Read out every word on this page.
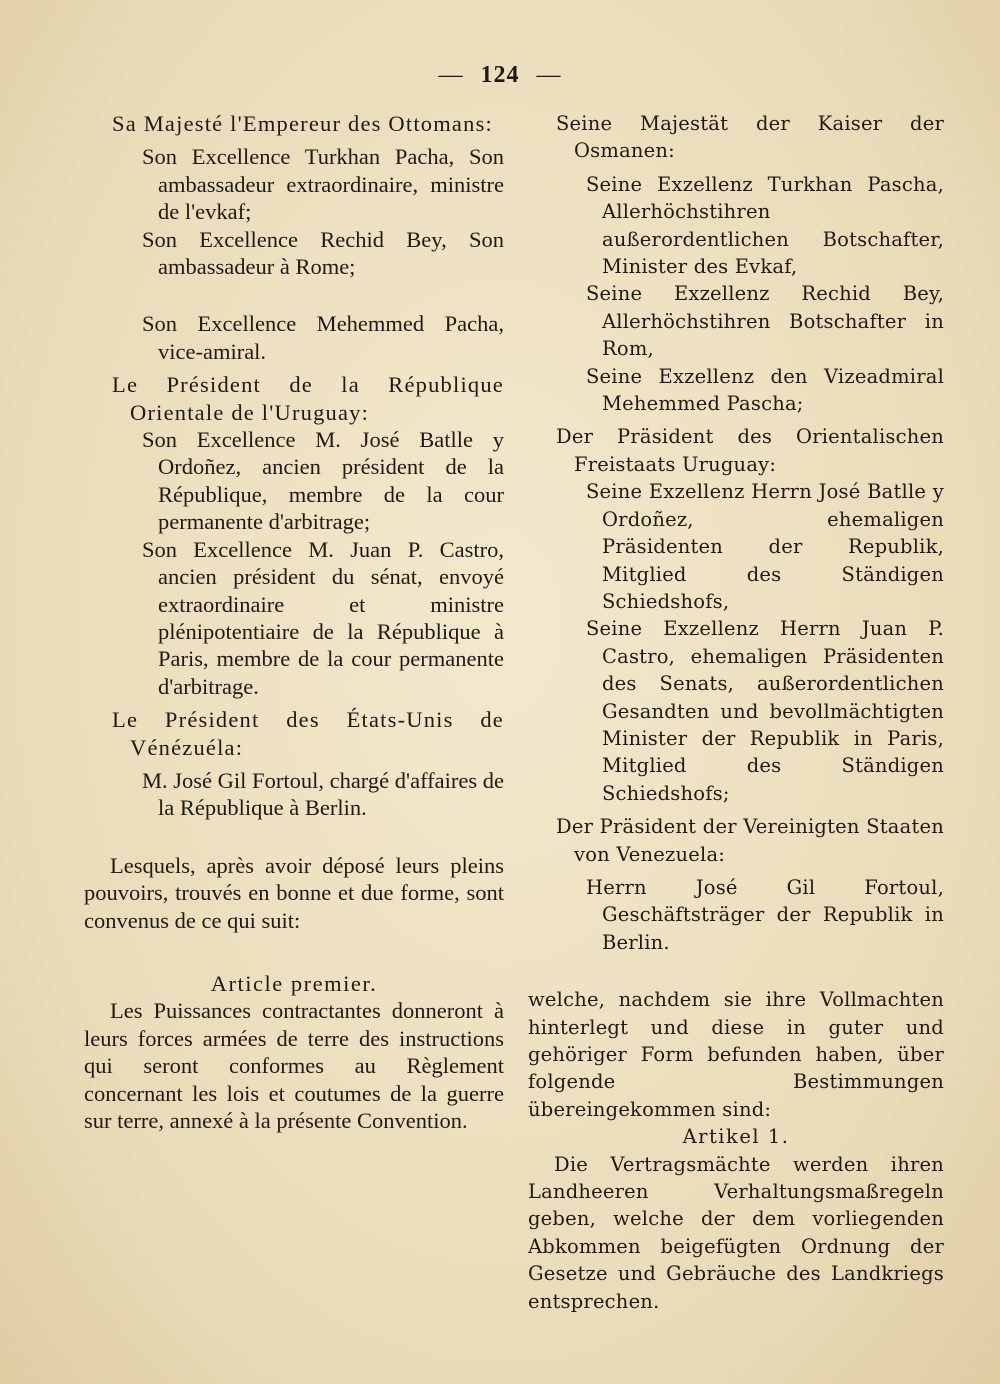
— 124 —
Sa Majesté l'Empereur des Ottomans:
Son Excellence Turkhan Pacha, Son ambassadeur extraordinaire, ministre de l'evkaf;
Son Excellence Rechid Bey, Son ambassadeur à Rome;
Son Excellence Mehemmed Pacha, vice-amiral.
Le Président de la République Orientale de l'Uruguay:
Son Excellence M. José Batlle y Ordoñez, ancien président de la République, membre de la cour permanente d'arbitrage;
Son Excellence M. Juan P. Castro, ancien président du sénat, envoyé extraordinaire et ministre plénipotentiaire de la République à Paris, membre de la cour permanente d'arbitrage.
Le Président des États-Unis de Vénézuéla:
M. José Gil Fortoul, chargé d'affaires de la République à Berlin.
Lesquels, après avoir déposé leurs pleins pouvoirs, trouvés en bonne et due forme, sont convenus de ce qui suit:
Article premier.
Les Puissances contractantes donneront à leurs forces armées de terre des instructions qui seront conformes au Règlement concernant les lois et coutumes de la guerre sur terre, annexé à la présente Convention.
Seine Majestät der Kaiser der Osmanen:
Seine Exzellenz Turkhan Pascha, Allerhöchstihren außerordentlichen Botschafter, Minister des Evkaf,
Seine Exzellenz Rechid Bey, Allerhöchstihren Botschafter in Rom,
Seine Exzellenz den Vizeadmiral Mehemmed Pascha;
Der Präsident des Orientalischen Freistaats Uruguay:
Seine Exzellenz Herrn José Batlle y Ordoñez, ehemaligen Präsidenten der Republik, Mitglied des Ständigen Schiedshofs,
Seine Exzellenz Herrn Juan P. Castro, ehemaligen Präsidenten des Senats, außerordentlichen Gesandten und bevollmächtigten Minister der Republik in Paris, Mitglied des Ständigen Schiedshofs;
Der Präsident der Vereinigten Staaten von Venezuela:
Herrn José Gil Fortoul, Geschäftsträger der Republik in Berlin.
welche, nachdem sie ihre Vollmachten hinterlegt und diese in guter und gehöriger Form befunden haben, über folgende Bestimmungen übereingekommen sind:
Artikel 1.
Die Vertragsmächte werden ihren Landheeren Verhaltungsmaßregeln geben, welche der dem vorliegenden Abkommen beigefügten Ordnung der Gesetze und Gebräuche des Landkriegs entsprechen.
